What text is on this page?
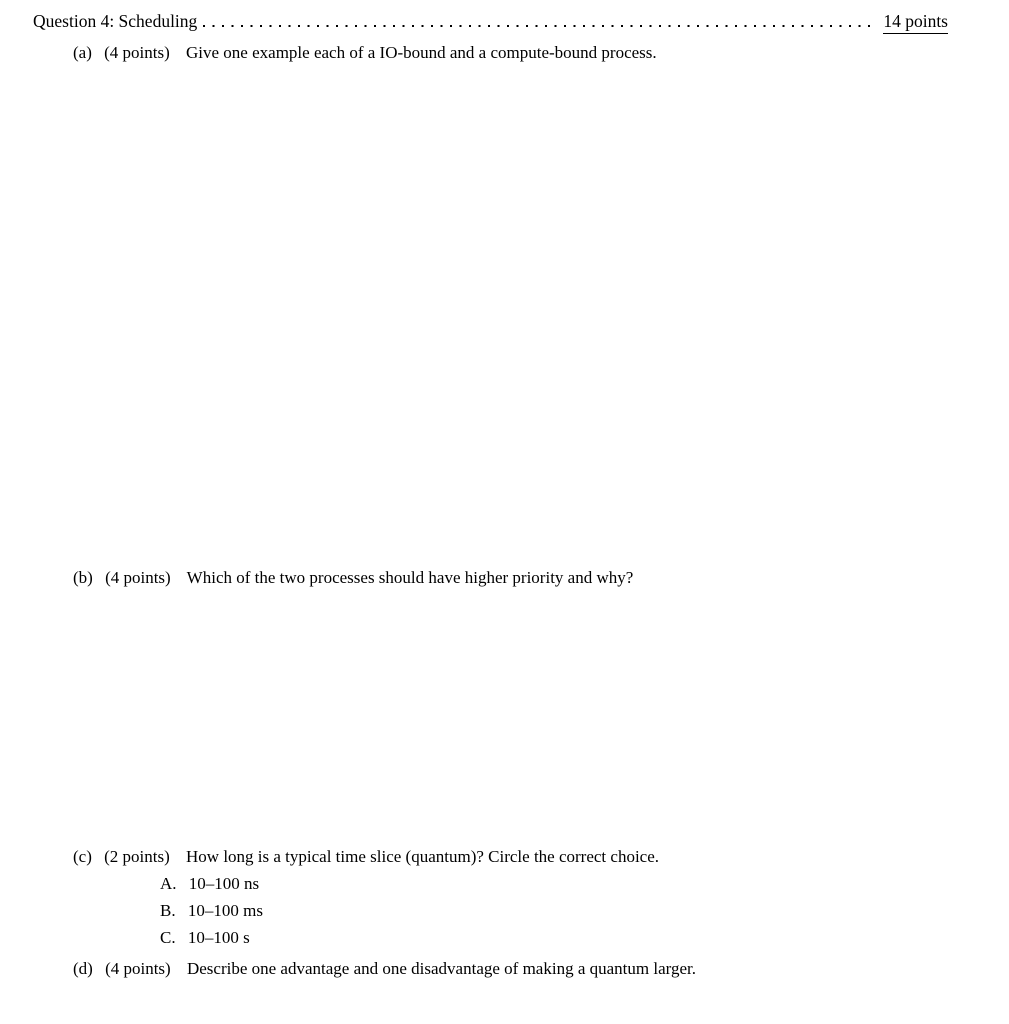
Question 4: Scheduling	14 points
(a) (4 points) Give one example each of a IO-bound and a compute-bound process.
(b) (4 points) Which of the two processes should have higher priority and why?
(c) (2 points) How long is a typical time slice (quantum)? Circle the correct choice.
A. 10–100 ns
B. 10–100 ms
C. 10–100 s
(d) (4 points) Describe one advantage and one disadvantage of making a quantum larger.
